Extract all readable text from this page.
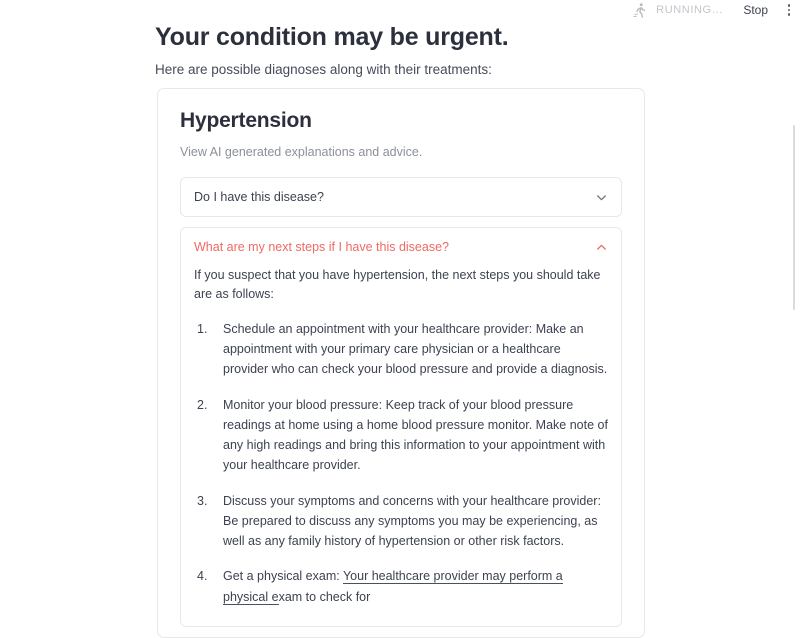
RUNNING… Stop
Your condition may be urgent.
Here are possible diagnoses along with their treatments:
Hypertension
View AI generated explanations and advice.
Do I have this disease?
What are my next steps if I have this disease?

If you suspect that you have hypertension, the next steps you should take are as follows:

Schedule an appointment with your healthcare provider: Make an appointment with your primary care physician or a healthcare provider who can check your blood pressure and provide a diagnosis.
Monitor your blood pressure: Keep track of your blood pressure readings at home using a home blood pressure monitor. Make note of any high readings and bring this information to your appointment with your healthcare provider.
Discuss your symptoms and concerns with your healthcare provider: Be prepared to discuss any symptoms you may be experiencing, as well as any family history of hypertension or other risk factors.
Get a physical exam: Your healthcare provider may perform a physical exam to check for
